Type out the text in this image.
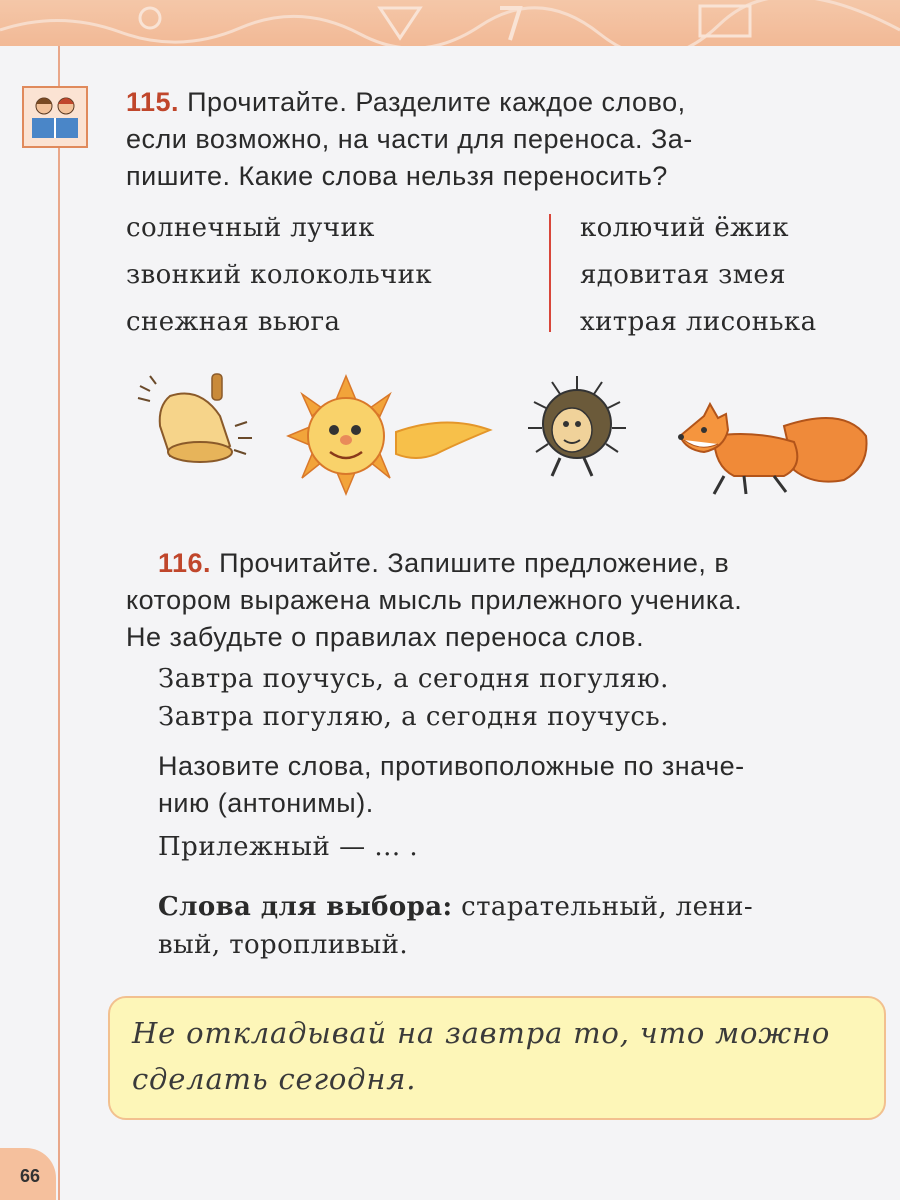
115. Прочитайте. Разделите каждое слово,
если возможно, на части для переноса. За-
пишите. Какие слова нельзя переносить?
солнечный лучик
звонкий колокольчик
снежная вьюга
колючий ёжик
ядовитая змея
хитрая лисонька
116. Прочитайте. Запишите предложение, в
котором выражена мысль прилежного ученика.
Не забудьте о правилах переноса слов.
Завтра поучусь, а сегодня погуляю.
Завтра погуляю, а сегодня поучусь.
Назовите слова, противоположные по значе-
нию (антонимы).
Прилежный — ... .
Слова для выбора: старательный, лени-
вый, торопливый.
Не откладывай на завтра то, что можно
сделать сегодня.
66
